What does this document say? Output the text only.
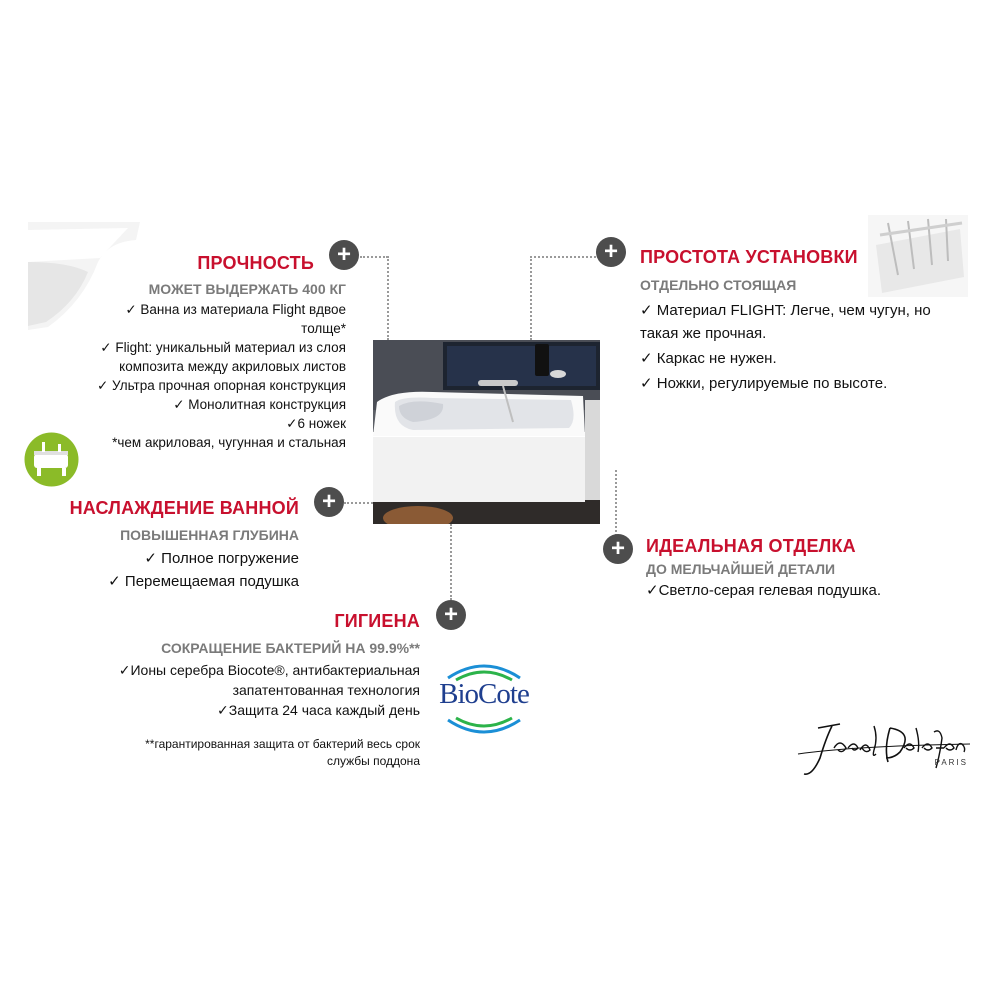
+	+
+
+
+
ПРОЧНОСТЬ
МОЖЕТ ВЫДЕРЖАТЬ 400 КГ
✓ Ванна из материала Flight вдвое
толще*
✓ Flight: уникальный материал из слоя
композита между акриловых листов
✓ Ультра прочная опорная конструкция
✓ Монолитная конструкция
✓6 ножек
*чем акриловая, чугунная и стальная
ПРОСТОТА УСТАНОВКИ
ОТДЕЛЬНО СТОЯЩАЯ
✓ Материал FLIGHT: Легче, чем чугун, но
такая же прочная.
✓ Каркас не нужен.
✓ Ножки, регулируемые по высоте.
НАСЛАЖДЕНИЕ ВАННОЙ
ПОВЫШЕННАЯ ГЛУБИНА
✓ Полное погружение
✓ Перемещаемая подушка
ИДЕАЛЬНАЯ ОТДЕЛКА
ДО МЕЛЬЧАЙШЕЙ ДЕТАЛИ
✓Светло-серая гелевая подушка.
ГИГИЕНА
СОКРАЩЕНИЕ БАКТЕРИЙ НА 99.9%**
✓Ионы серебра Biocote®, антибактериальная
запатентованная технология
✓Защита 24 часа каждый день
**гарантированная защита от бактерий весь срок
службы поддона
BioCote
PARIS
